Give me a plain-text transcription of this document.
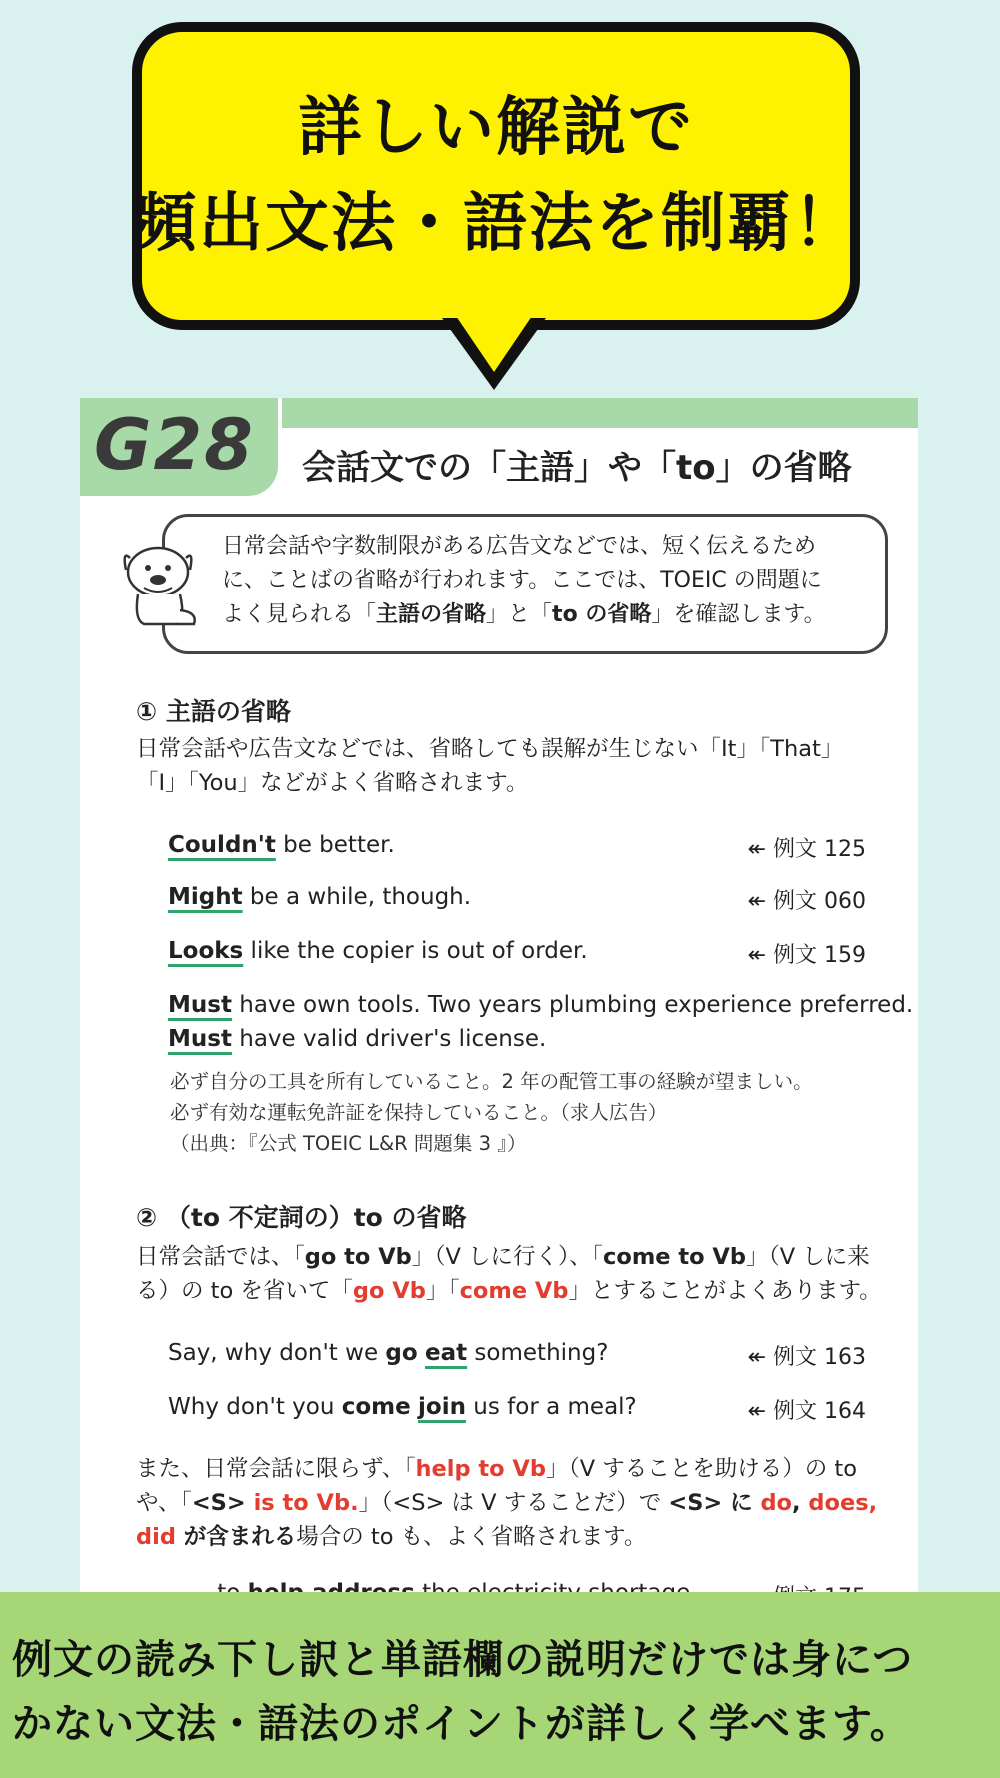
詳しい解説で
頻出文法・語法を制覇！
G28 会話文での「主語」や「to」の省略
日常会話や字数制限がある広告文などでは、短く伝えるため
に、ことばの省略が行われます。ここでは、TOEIC の問題に
よく見られる「主語の省略」と「to の省略」を確認します。
① 主語の省略
日常会話や広告文などでは、省略しても誤解が生じない「It」「That」
「I」「You」などがよく省略されます。
Couldn't be better.	↞ 例文 125
Might be a while, though.	↞ 例文 060
Looks like the copier is out of order.	↞ 例文 159
Must have own tools. Two years plumbing experience preferred.
Must have valid driver's license.
必ず自分の工具を所有していること。2 年の配管工事の経験が望ましい。
必ず有効な運転免許証を保持していること。（求人広告）
（出典：『公式 TOEIC L&R 問題集 3 』）
② （to 不定詞の）to の省略
日常会話では、「go to Vb」（V しに行く）、「come to Vb」（V しに来
る）の to を省いて「go Vb」「come Vb」とすることがよくあります。
Say, why don't we go eat something?	↞ 例文 163
Why don't you come join us for a meal?	↞ 例文 164
また、日常会話に限らず、「help to Vb」（V することを助ける）の to
や、「<S> is to Vb.」（<S> は V することだ）で <S> に do, does,
did が含まれる場合の to も、よく省略されます。
例文の読み下し訳と単語欄の説明だけでは身につ
かない文法・語法のポイントが詳しく学べます。
